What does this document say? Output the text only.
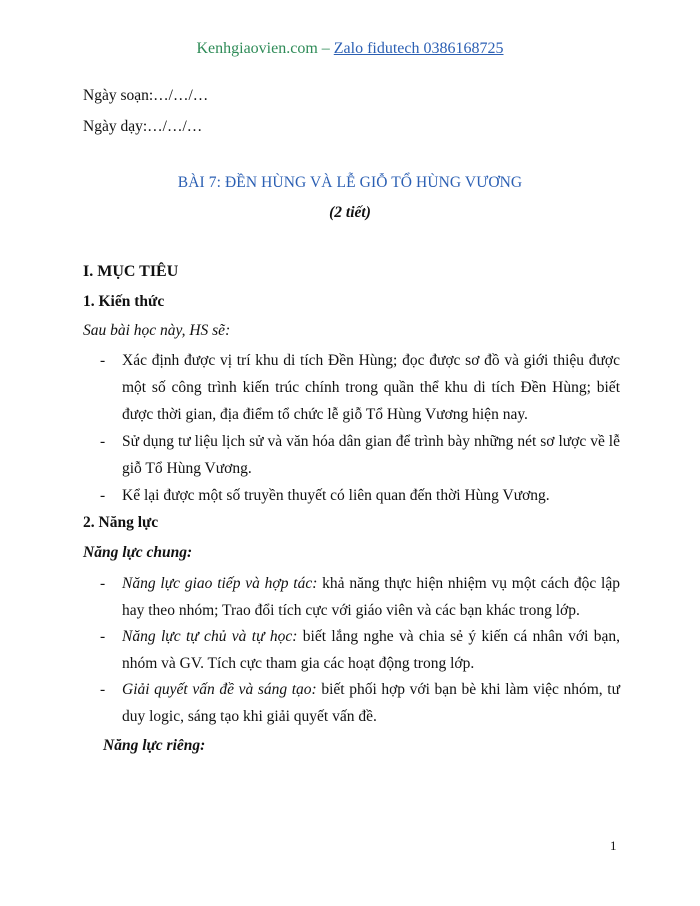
Kenhgiaovien.com – Zalo fidutech 0386168725
Ngày soạn:…/…/…
Ngày dạy:…/…/…
BÀI 7: ĐỀN HÙNG VÀ LỄ GIỖ TỔ HÙNG VƯƠNG
(2 tiết)
I. MỤC TIÊU
1. Kiến thức
Sau bài học này, HS sẽ:
- Xác định được vị trí khu di tích Đền Hùng; đọc được sơ đồ và giới thiệu được một số công trình kiến trúc chính trong quần thể khu di tích Đền Hùng; biết được thời gian, địa điểm tổ chức lễ giỗ Tổ Hùng Vương hiện nay.
- Sử dụng tư liệu lịch sử và văn hóa dân gian để trình bày những nét sơ lược về lễ giỗ Tổ Hùng Vương.
- Kể lại được một số truyền thuyết có liên quan đến thời Hùng Vương.
2. Năng lực
Năng lực chung:
- Năng lực giao tiếp và hợp tác: khả năng thực hiện nhiệm vụ một cách độc lập hay theo nhóm; Trao đổi tích cực với giáo viên và các bạn khác trong lớp.
- Năng lực tự chủ và tự học: biết lắng nghe và chia sẻ ý kiến cá nhân với bạn, nhóm và GV. Tích cực tham gia các hoạt động trong lớp.
- Giải quyết vấn đề và sáng tạo: biết phối hợp với bạn bè khi làm việc nhóm, tư duy logic, sáng tạo khi giải quyết vấn đề.
Năng lực riêng:
1
